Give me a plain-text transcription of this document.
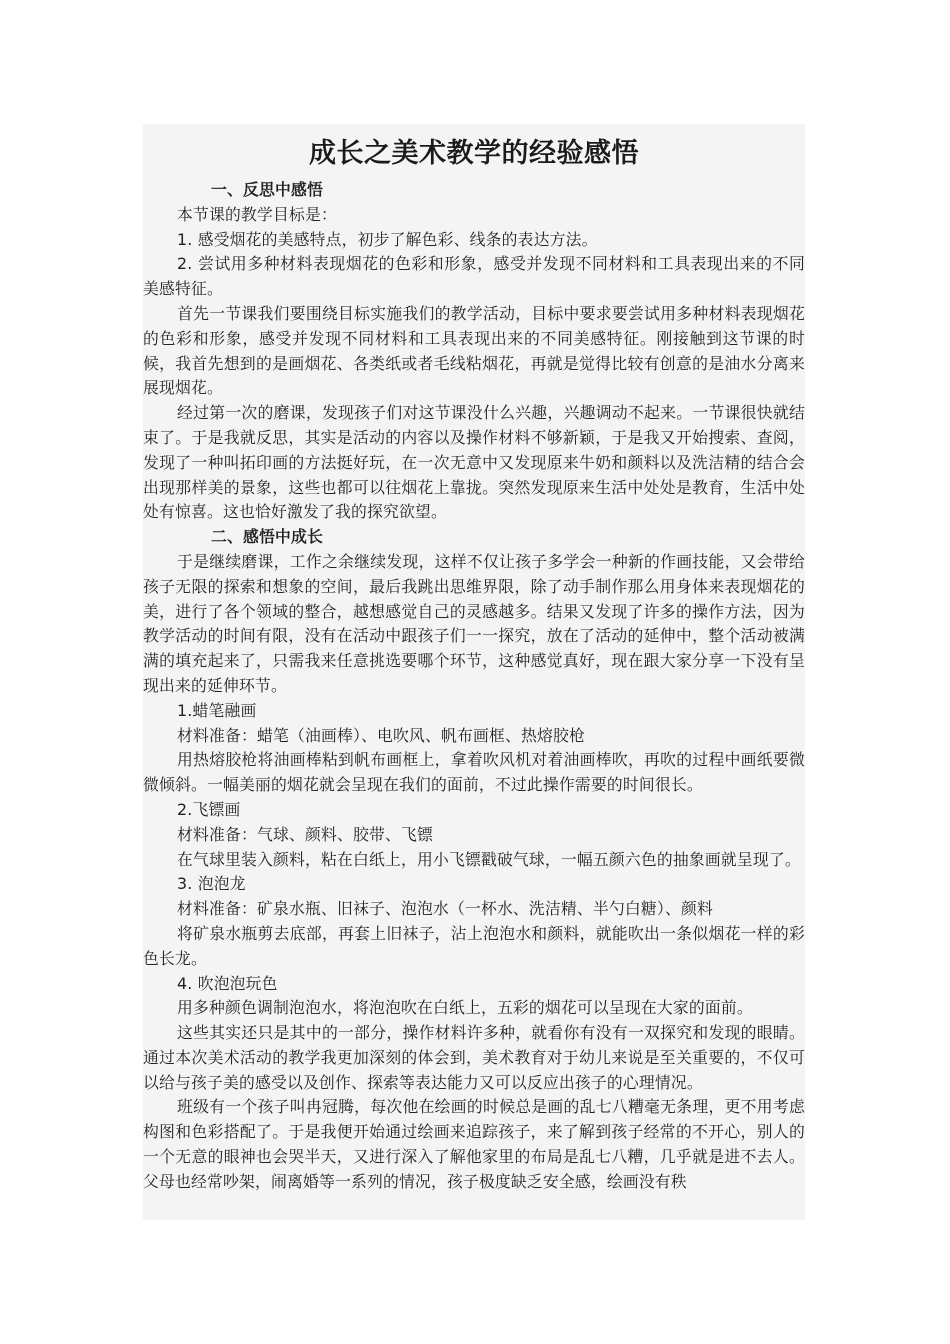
成长之美术教学的经验感悟

一、反思中感悟

本节课的教学目标是：

1. 感受烟花的美感特点，初步了解色彩、线条的表达方法。

2. 尝试用多种材料表现烟花的色彩和形象，感受并发现不同材料和工具表现出来的不同美感特征。

首先一节课我们要围绕目标实施我们的教学活动，目标中要求要尝试用多种材料表现烟花的色彩和形象，感受并发现不同材料和工具表现出来的不同美感特征。刚接触到这节课的时候，我首先想到的是画烟花、各类纸或者毛线粘烟花，再就是觉得比较有创意的是油水分离来展现烟花。

经过第一次的磨课，发现孩子们对这节课没什么兴趣，兴趣调动不起来。一节课很快就结束了。于是我就反思，其实是活动的内容以及操作材料不够新颖，于是我又开始搜索、查阅，发现了一种叫拓印画的方法挺好玩，在一次无意中又发现原来牛奶和颜料以及洗洁精的结合会出现那样美的景象，这些也都可以往烟花上靠拢。突然发现原来生活中处处是教育，生活中处处有惊喜。这也恰好激发了我的探究欲望。

二、感悟中成长

于是继续磨课，工作之余继续发现，这样不仅让孩子多学会一种新的作画技能，又会带给孩子无限的探索和想象的空间，最后我跳出思维界限，除了动手制作那么用身体来表现烟花的美，进行了各个领域的整合，越想感觉自己的灵感越多。结果又发现了许多的操作方法，因为教学活动的时间有限，没有在活动中跟孩子们一一探究，放在了活动的延伸中，整个活动被满满的填充起来了，只需我来任意挑选要哪个环节，这种感觉真好，现在跟大家分享一下没有呈现出来的延伸环节。

1.蜡笔融画

材料准备：蜡笔（油画棒）、电吹风、帆布画框、热熔胶枪

用热熔胶枪将油画棒粘到帆布画框上，拿着吹风机对着油画棒吹，再吹的过程中画纸要微微倾斜。一幅美丽的烟花就会呈现在我们的面前，不过此操作需要的时间很长。

2.飞镖画

材料准备：气球、颜料、胶带、飞镖

在气球里装入颜料，粘在白纸上，用小飞镖戳破气球，一幅五颜六色的抽象画就呈现了。

3. 泡泡龙

材料准备：矿泉水瓶、旧袜子、泡泡水（一杯水、洗洁精、半勺白糖）、颜料

将矿泉水瓶剪去底部，再套上旧袜子，沾上泡泡水和颜料，就能吹出一条似烟花一样的彩色长龙。

4. 吹泡泡玩色

用多种颜色调制泡泡水，将泡泡吹在白纸上，五彩的烟花可以呈现在大家的面前。

这些其实还只是其中的一部分，操作材料许多种，就看你有没有一双探究和发现的眼睛。通过本次美术活动的教学我更加深刻的体会到，美术教育对于幼儿来说是至关重要的，不仅可以给与孩子美的感受以及创作、探索等表达能力又可以反应出孩子的心理情况。

班级有一个孩子叫冉冠腾，每次他在绘画的时候总是画的乱七八糟毫无条理，更不用考虑构图和色彩搭配了。于是我便开始通过绘画来追踪孩子，来了解到孩子经常的不开心，别人的一个无意的眼神也会哭半天，又进行深入了解他家里的布局是乱七八糟，几乎就是进不去人。父母也经常吵架，闹离婚等一系列的情况，孩子极度缺乏安全感，绘画没有秩
